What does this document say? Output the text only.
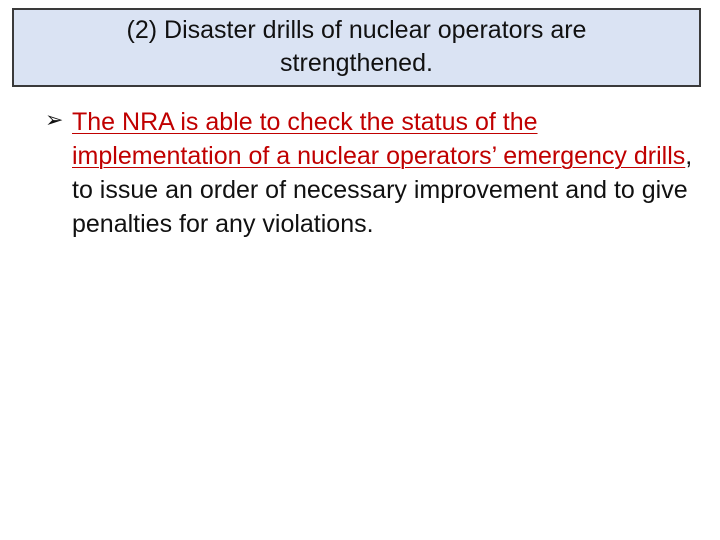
(2) Disaster drills of nuclear operators are strengthened.
➢ The NRA is able to check the status of the implementation of a nuclear operators’ emergency drills, to issue an order of necessary improvement and to give penalties for any violations.
